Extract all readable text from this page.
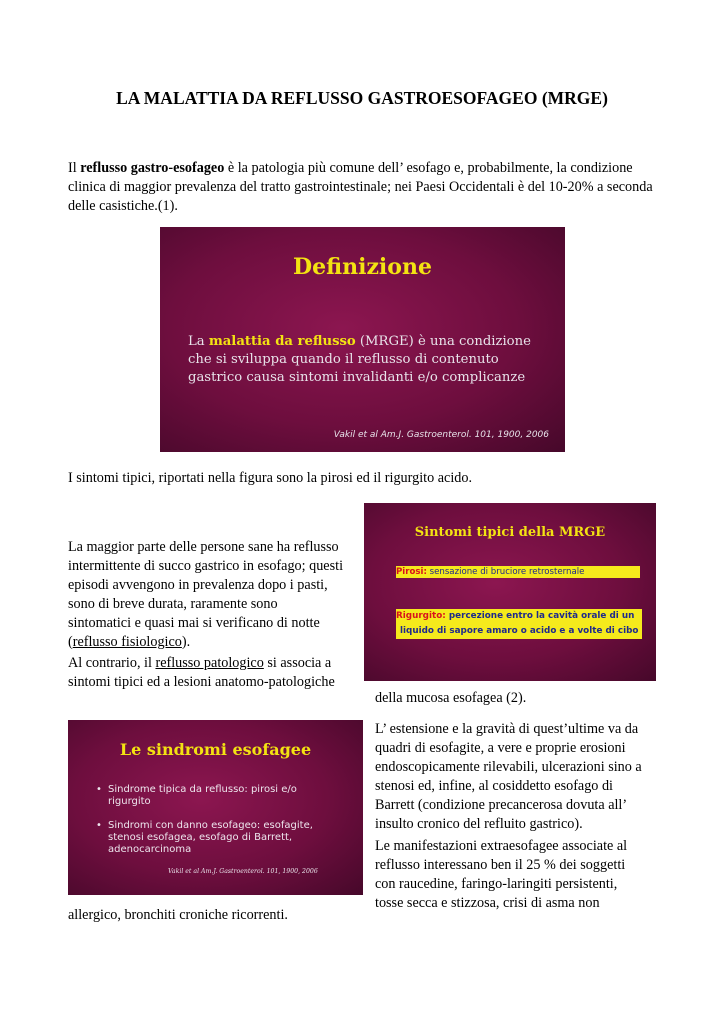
LA MALATTIA DA REFLUSSO GASTROESOFAGEO (MRGE)
Il reflusso gastro-esofageo è la patologia più comune dell’ esofago e, probabilmente, la condizione clinica di maggior prevalenza del tratto gastrointestinale; nei Paesi Occidentali è del 10-20% a seconda delle casistiche.(1).
Definizione
La malattia da reflusso (MRGE) è una condizione
che si sviluppa quando il reflusso di contenuto
gastrico causa sintomi invalidanti e/o complicanze
Vakil et al Am.J. Gastroenterol. 101, 1900, 2006
I sintomi tipici, riportati nella figura sono la pirosi ed il rigurgito acido.
La maggior parte delle persone sane ha reflusso
intermittente di succo gastrico in esofago; questi
episodi avvengono in prevalenza dopo i pasti,
sono di breve durata, raramente sono
sintomatici e quasi mai si verificano di notte
(reflusso fisiologico).
Al contrario, il reflusso patologico si associa a
sintomi tipici ed a lesioni anatomo-patologiche
della mucosa esofagea (2).
Sintomi tipici della MRGE
Pirosi: sensazione di bruciore retrosternale
Rigurgito: percezione entro la cavità orale di un
liquido di sapore amaro o acido e a volte di cibo
Le sindromi esofagee
• Sindrome tipica da reflusso: pirosi e/o
rigurgito
• Sindromi con danno esofageo: esofagite,
stenosi esofagea, esofago di Barrett,
adenocarcinoma
Vakil et al Am.J. Gastroenterol. 101, 1900, 2006
L’ estensione e la gravità di quest’ultime va da
quadri di esofagite, a vere e proprie erosioni
endoscopicamente rilevabili, ulcerazioni sino a
stenosi ed, infine, al cosiddetto esofago di
Barrett (condizione precancerosa dovuta all’
insulto cronico del refluito gastrico).
Le manifestazioni extraesofagee associate al
reflusso interessano ben il 25 % dei soggetti
con raucedine, faringo-laringiti persistenti,
tosse secca e stizzosa, crisi di asma non
allergico, bronchiti croniche ricorrenti.
